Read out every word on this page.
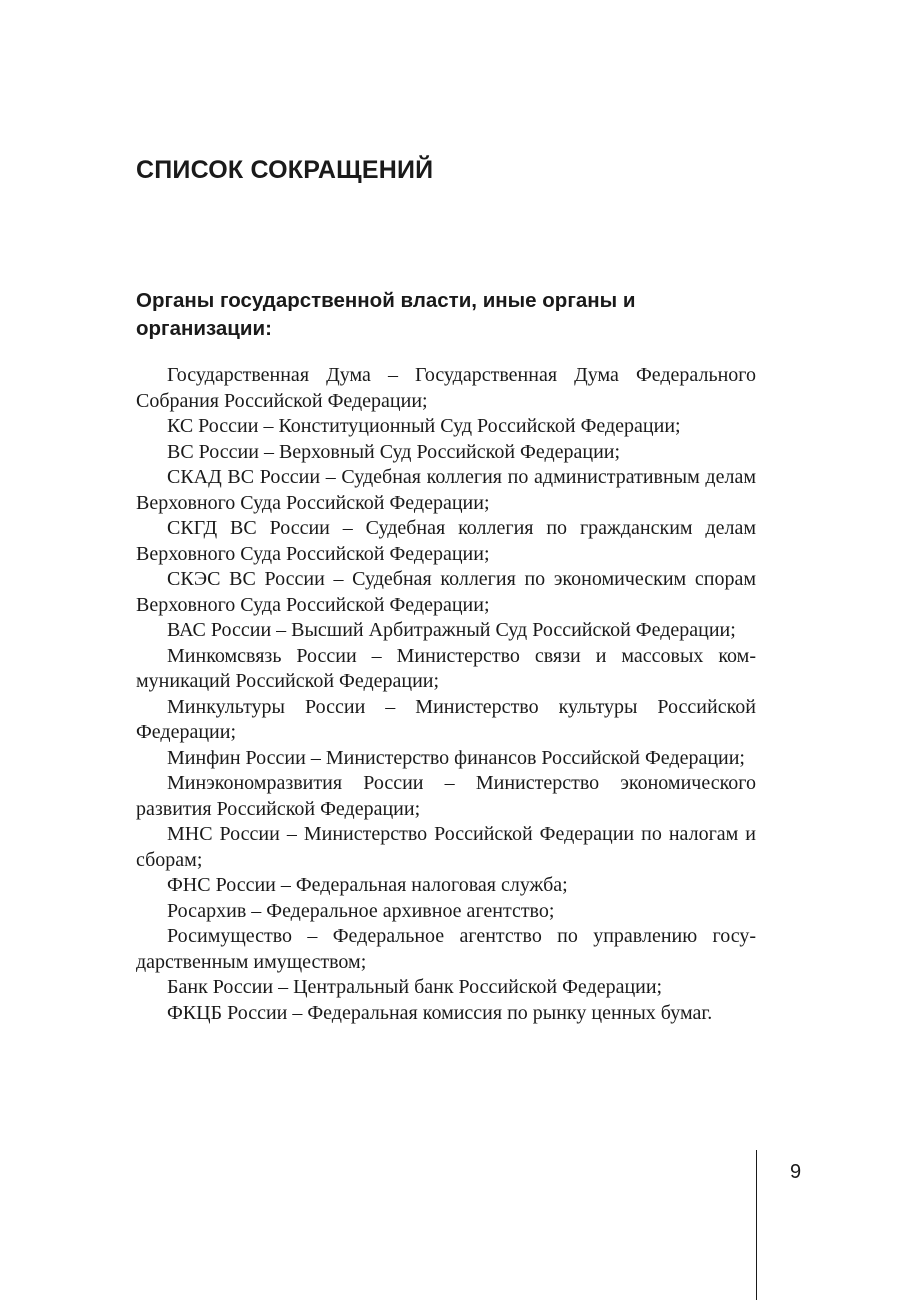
СПИСОК СОКРАЩЕНИЙ
Органы государственной власти, иные органы и организации:
Государственная Дума – Государственная Дума Федерального Собрания Российской Федерации;
КС России – Конституционный Суд Российской Федерации;
ВС России – Верховный Суд Российской Федерации;
СКАД ВС России – Судебная коллегия по административным делам Верховного Суда Российской Федерации;
СКГД ВС России – Судебная коллегия по гражданским делам Верховного Суда Российской Федерации;
СКЭС ВС России – Судебная коллегия по экономическим спорам Верховного Суда Российской Федерации;
ВАС России – Высший Арбитражный Суд Российской Федерации;
Минкомсвязь России – Министерство связи и массовых коммуникаций Российской Федерации;
Минкультуры России – Министерство культуры Российской Федерации;
Минфин России – Министерство финансов Российской Федерации;
Минэкономразвития России – Министерство экономического развития Российской Федерации;
МНС России – Министерство Российской Федерации по налогам и сборам;
ФНС России – Федеральная налоговая служба;
Росархив – Федеральное архивное агентство;
Росимущество – Федеральное агентство по управлению государственным имуществом;
Банк России – Центральный банк Российской Федерации;
ФКЦБ России – Федеральная комиссия по рынку ценных бумаг.
9
